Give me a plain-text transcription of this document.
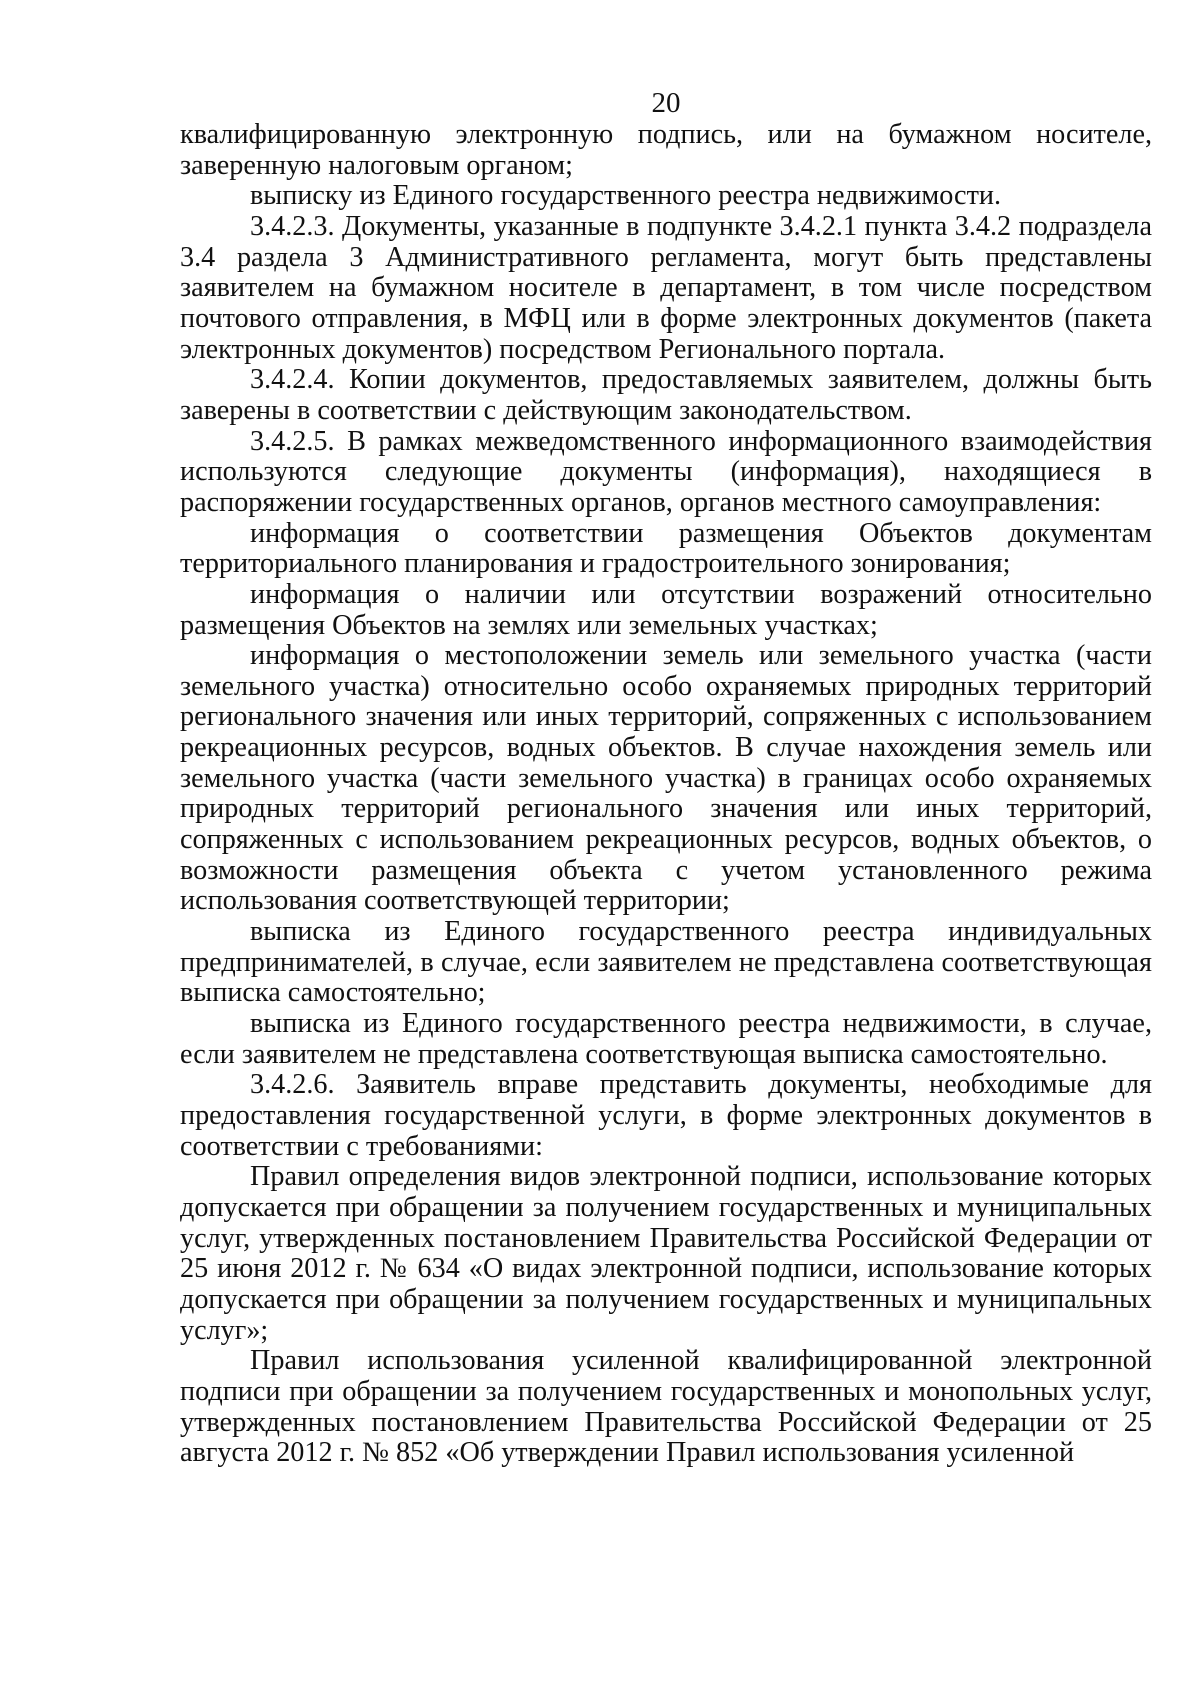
20

квалифицированную электронную подпись, или на бумажном носителе, заверенную налоговым органом;

выписку из Единого государственного реестра недвижимости.

3.4.2.3. Документы, указанные в подпункте 3.4.2.1 пункта 3.4.2 подраздела 3.4 раздела 3 Административного регламента, могут быть представлены заявителем на бумажном носителе в департамент, в том числе посредством почтового отправления, в МФЦ или в форме электронных документов (пакета электронных документов) посредством Регионального портала.

3.4.2.4. Копии документов, предоставляемых заявителем, должны быть заверены в соответствии с действующим законодательством.

3.4.2.5. В рамках межведомственного информационного взаимодействия используются следующие документы (информация), находящиеся в распоряжении государственных органов, органов местного самоуправления:

информация о соответствии размещения Объектов документам территориального планирования и градостроительного зонирования;

информация о наличии или отсутствии возражений относительно размещения Объектов на землях или земельных участках;

информация о местоположении земель или земельного участка (части земельного участка) относительно особо охраняемых природных территорий регионального значения или иных территорий, сопряженных с использованием рекреационных ресурсов, водных объектов. В случае нахождения земель или земельного участка (части земельного участка) в границах особо охраняемых природных территорий регионального значения или иных территорий, сопряженных с использованием рекреационных ресурсов, водных объектов, о возможности размещения объекта с учетом установленного режима использования соответствующей территории;

выписка из Единого государственного реестра индивидуальных предпринимателей, в случае, если заявителем не представлена соответствующая выписка самостоятельно;

выписка из Единого государственного реестра недвижимости, в случае, если заявителем не представлена соответствующая выписка самостоятельно.

3.4.2.6. Заявитель вправе представить документы, необходимые для предоставления государственной услуги, в форме электронных документов в соответствии с требованиями:

Правил определения видов электронной подписи, использование которых допускается при обращении за получением государственных и муниципальных услуг, утвержденных постановлением Правительства Российской Федерации от 25 июня 2012 г. № 634 «О видах электронной подписи, использование которых допускается при обращении за получением государственных и муниципальных услуг»;

Правил использования усиленной квалифицированной электронной подписи при обращении за получением государственных и монопольных услуг, утвержденных постановлением Правительства Российской Федерации от 25 августа 2012 г. № 852 «Об утверждении Правил использования усиленной
